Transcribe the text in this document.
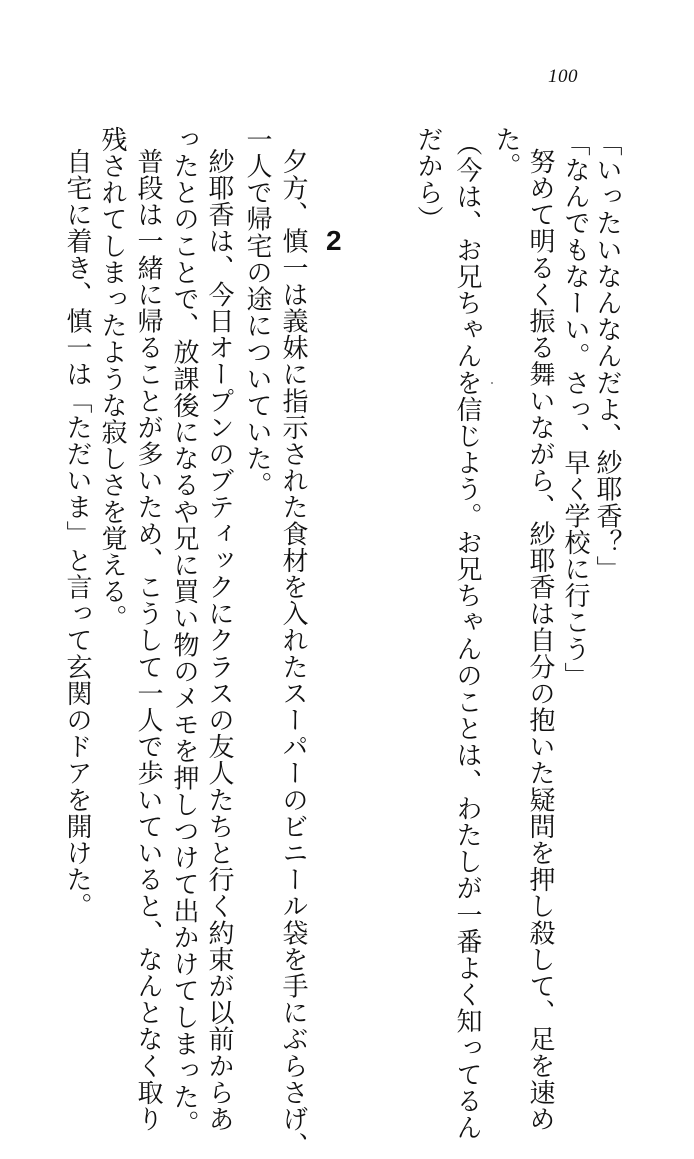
100
「いったいなんなんだよ、紗耶香？」
「なんでもなーい。さっ、早く学校に行こう」
努めて明るく振る舞いながら、紗耶香は自分の抱いた疑問を押し殺して、足を速め
た。
（今は、お兄ちゃんを信じよう。お兄ちゃんのことは、わたしが一番よく知ってるん
だから）
2
夕方、慎一は義妹に指示された食材を入れたスーパーのビニール袋を手にぶらさげ、
一人で帰宅の途についていた。
紗耶香は、今日オープンのブティックにクラスの友人たちと行く約束が以前からあ
ったとのことで、放課後になるや兄に買い物のメモを押しつけて出かけてしまった。
普段は一緒に帰ることが多いため、こうして一人で歩いていると、なんとなく取り
残されてしまったような寂しさを覚える。
自宅に着き、慎一は「ただいま」と言って玄関のドアを開けた。
